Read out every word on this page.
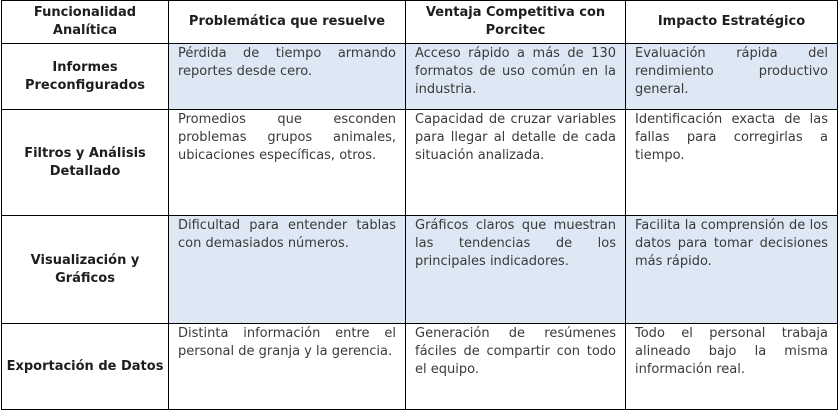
Funcionalidad Analítica	Problemática que resuelve	Ventaja Competitiva con Porcitec	Impacto Estratégico
Informes Preconfigurados	Pérdida de tiempo armando reportes desde cero.	Acceso rápido a más de 130 formatos de uso común en la industria.	Evaluación rápida del rendimiento productivo general.
Filtros y Análisis Detallado	Promedios que esconden problemas grupos animales, ubicaciones específicas, otros.	Capacidad de cruzar variables para llegar al detalle de cada situación analizada.	Identificación exacta de las fallas para corregirlas a tiempo.
Visualización y Gráficos	Dificultad para entender tablas con demasiados números.	Gráficos claros que muestran las tendencias de los principales indicadores.	Facilita la comprensión de los datos para tomar decisiones más rápido.
Exportación de Datos	Distinta información entre el personal de granja y la gerencia.	Generación de resúmenes fáciles de compartir con todo el equipo.	Todo el personal trabaja alineado bajo la misma información real.
